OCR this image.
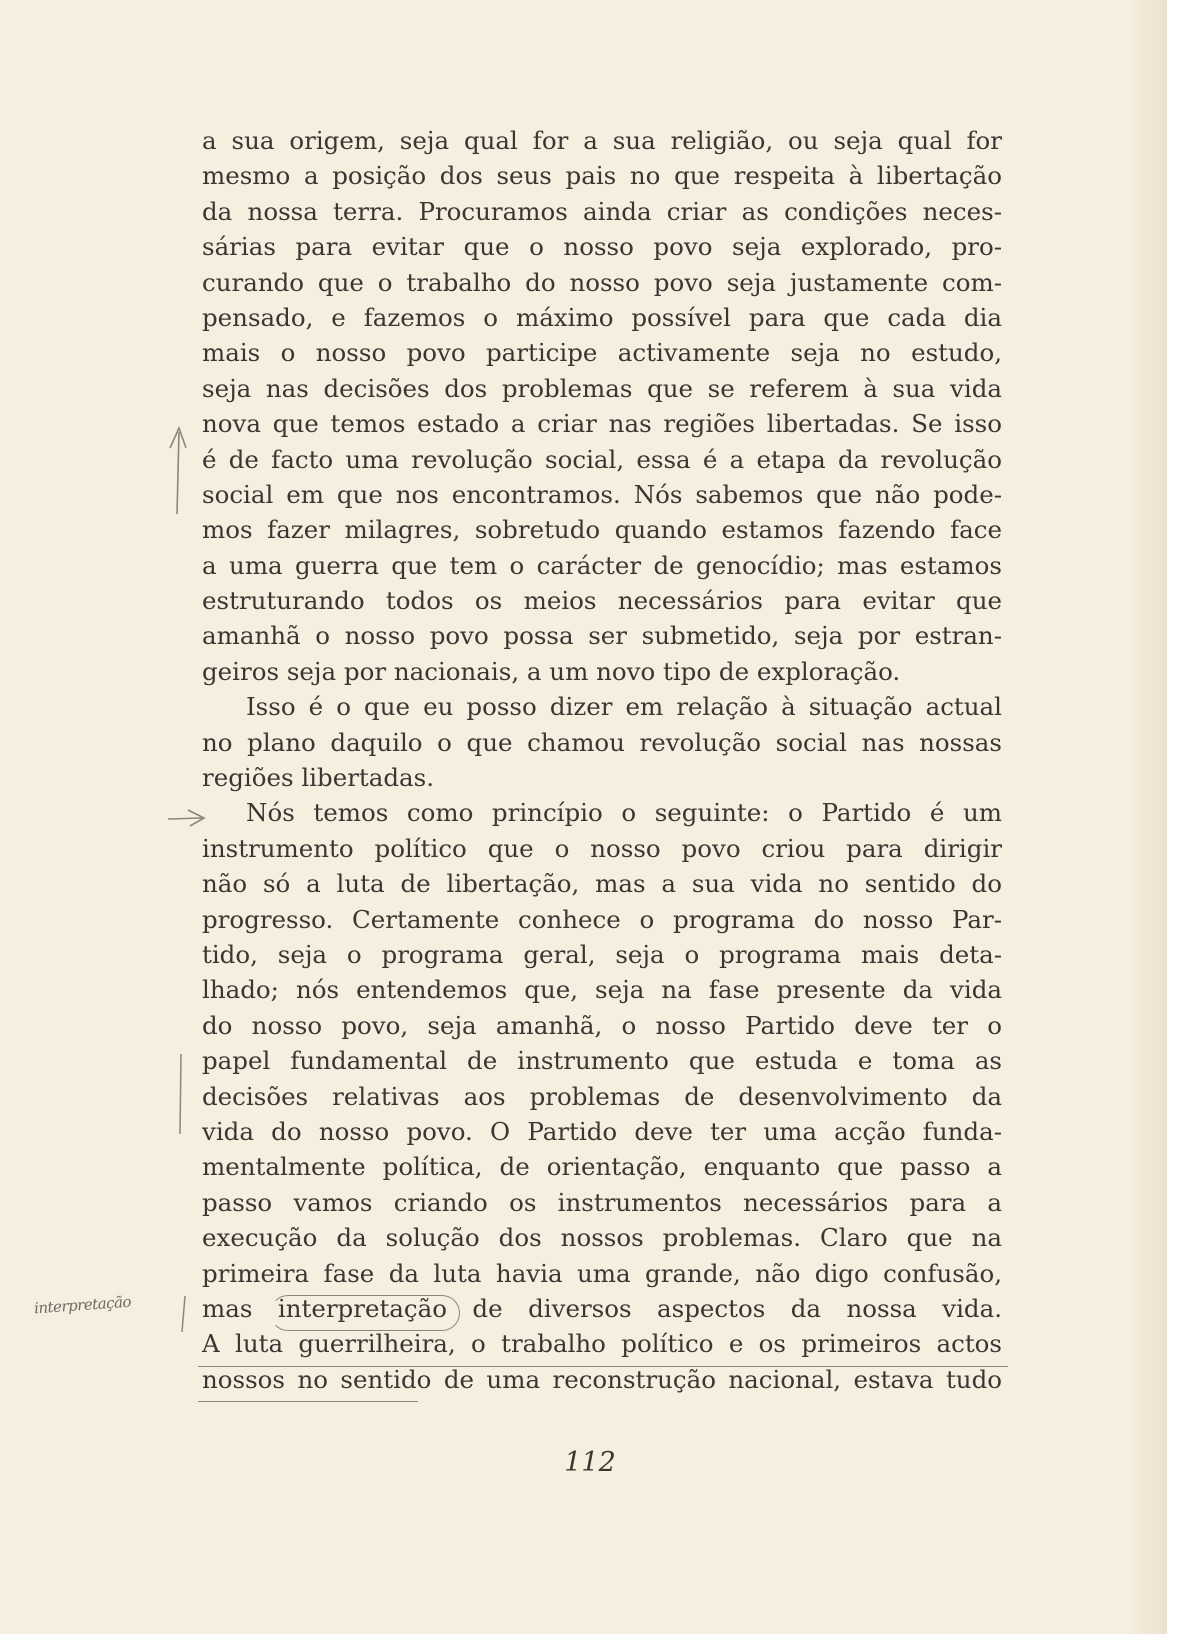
a sua origem, seja qual for a sua religião, ou seja qual for
mesmo a posição dos seus pais no que respeita à libertação
da nossa terra. Procuramos ainda criar as condições neces-
sárias para evitar que o nosso povo seja explorado, pro-
curando que o trabalho do nosso povo seja justamente com-
pensado, e fazemos o máximo possível para que cada dia
mais o nosso povo participe activamente seja no estudo,
seja nas decisões dos problemas que se referem à sua vida
nova que temos estado a criar nas regiões libertadas. Se isso
é de facto uma revolução social, essa é a etapa da revolução
social em que nos encontramos. Nós sabemos que não pode-
mos fazer milagres, sobretudo quando estamos fazendo face
a uma guerra que tem o carácter de genocídio; mas estamos
estruturando todos os meios necessários para evitar que
amanhã o nosso povo possa ser submetido, seja por estran-
geiros seja por nacionais, a um novo tipo de exploração.
Isso é o que eu posso dizer em relação à situação actual
no plano daquilo o que chamou revolução social nas nossas
regiões libertadas.
Nós temos como princípio o seguinte: o Partido é um
instrumento político que o nosso povo criou para dirigir
não só a luta de libertação, mas a sua vida no sentido do
progresso. Certamente conhece o programa do nosso Par-
tido, seja o programa geral, seja o programa mais deta-
lhado; nós entendemos que, seja na fase presente da vida
do nosso povo, seja amanhã, o nosso Partido deve ter o
papel fundamental de instrumento que estuda e toma as
decisões relativas aos problemas de desenvolvimento da
vida do nosso povo. O Partido deve ter uma acção funda-
mentalmente política, de orientação, enquanto que passo a
passo vamos criando os instrumentos necessários para a
execução da solução dos nossos problemas. Claro que na
primeira fase da luta havia uma grande, não digo confusão,
mas interpretação de diversos aspectos da nossa vida.
A luta guerrilheira, o trabalho político e os primeiros actos
nossos no sentido de uma reconstrução nacional, estava tudo
112
interpretação
